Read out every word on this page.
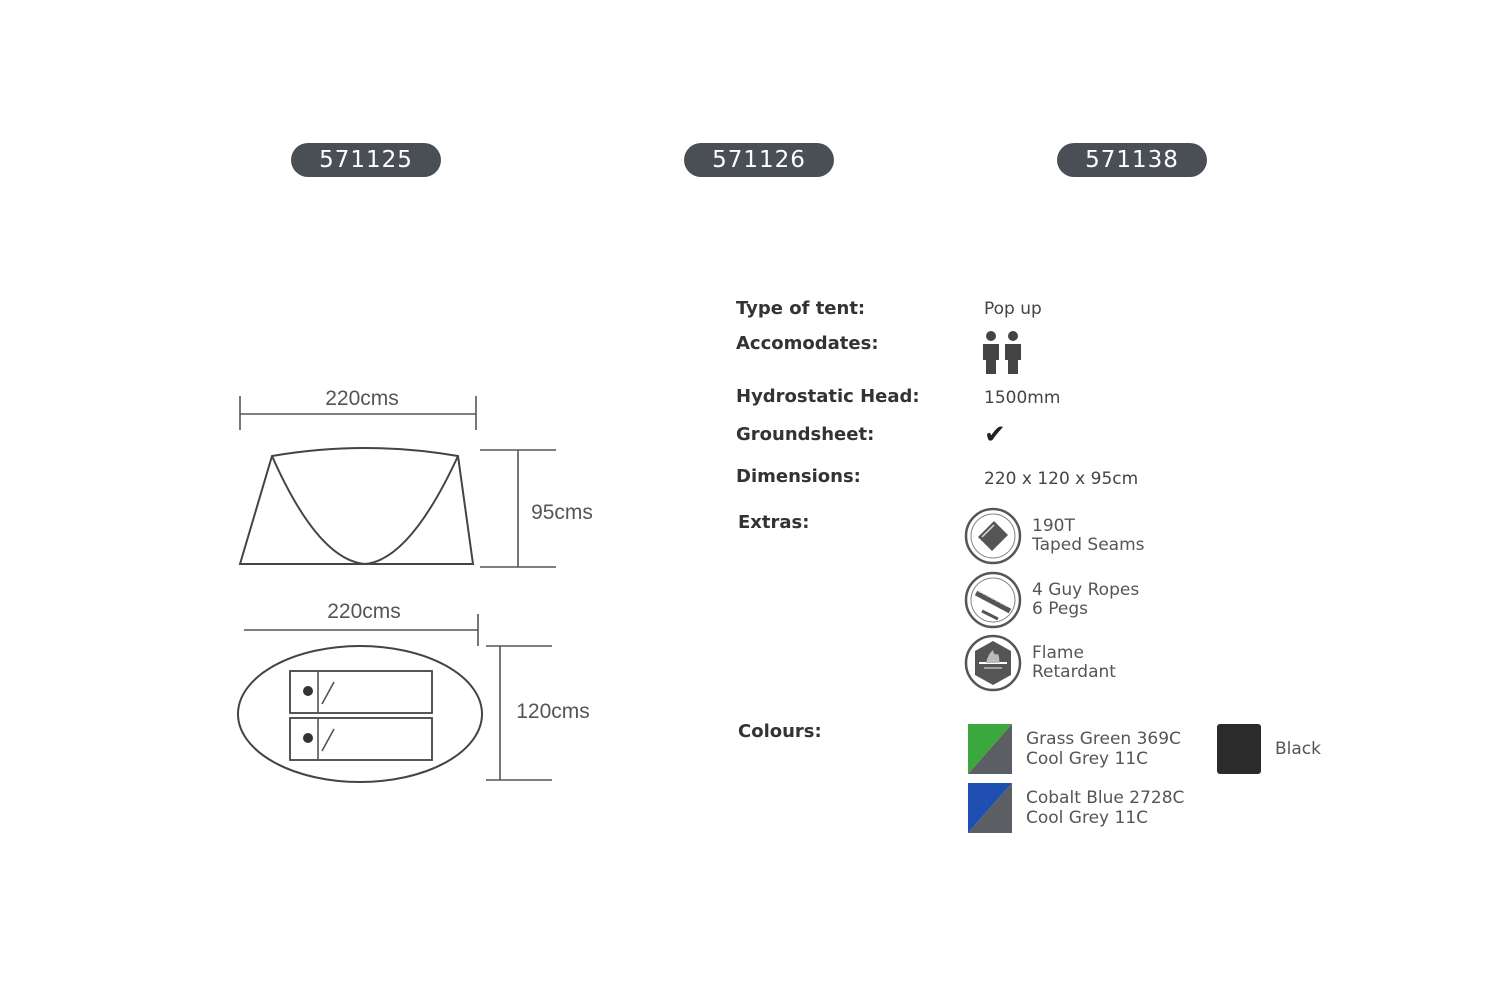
571125	571126	571138
220cms
95cms
220cms
120cms
Type of tent:	Pop up
Accomodates:
Hydrostatic Head:	1500mm
Groundsheet:	✔
Dimensions:	220 x 120 x 95cm
Extras:	190T
Taped Seams
4 Guy Ropes
6 Pegs
Flame
Retardant
Colours:	Grass Green 369C
Cool Grey 11C
Cobalt Blue 2728C
Cool Grey 11C
Black
